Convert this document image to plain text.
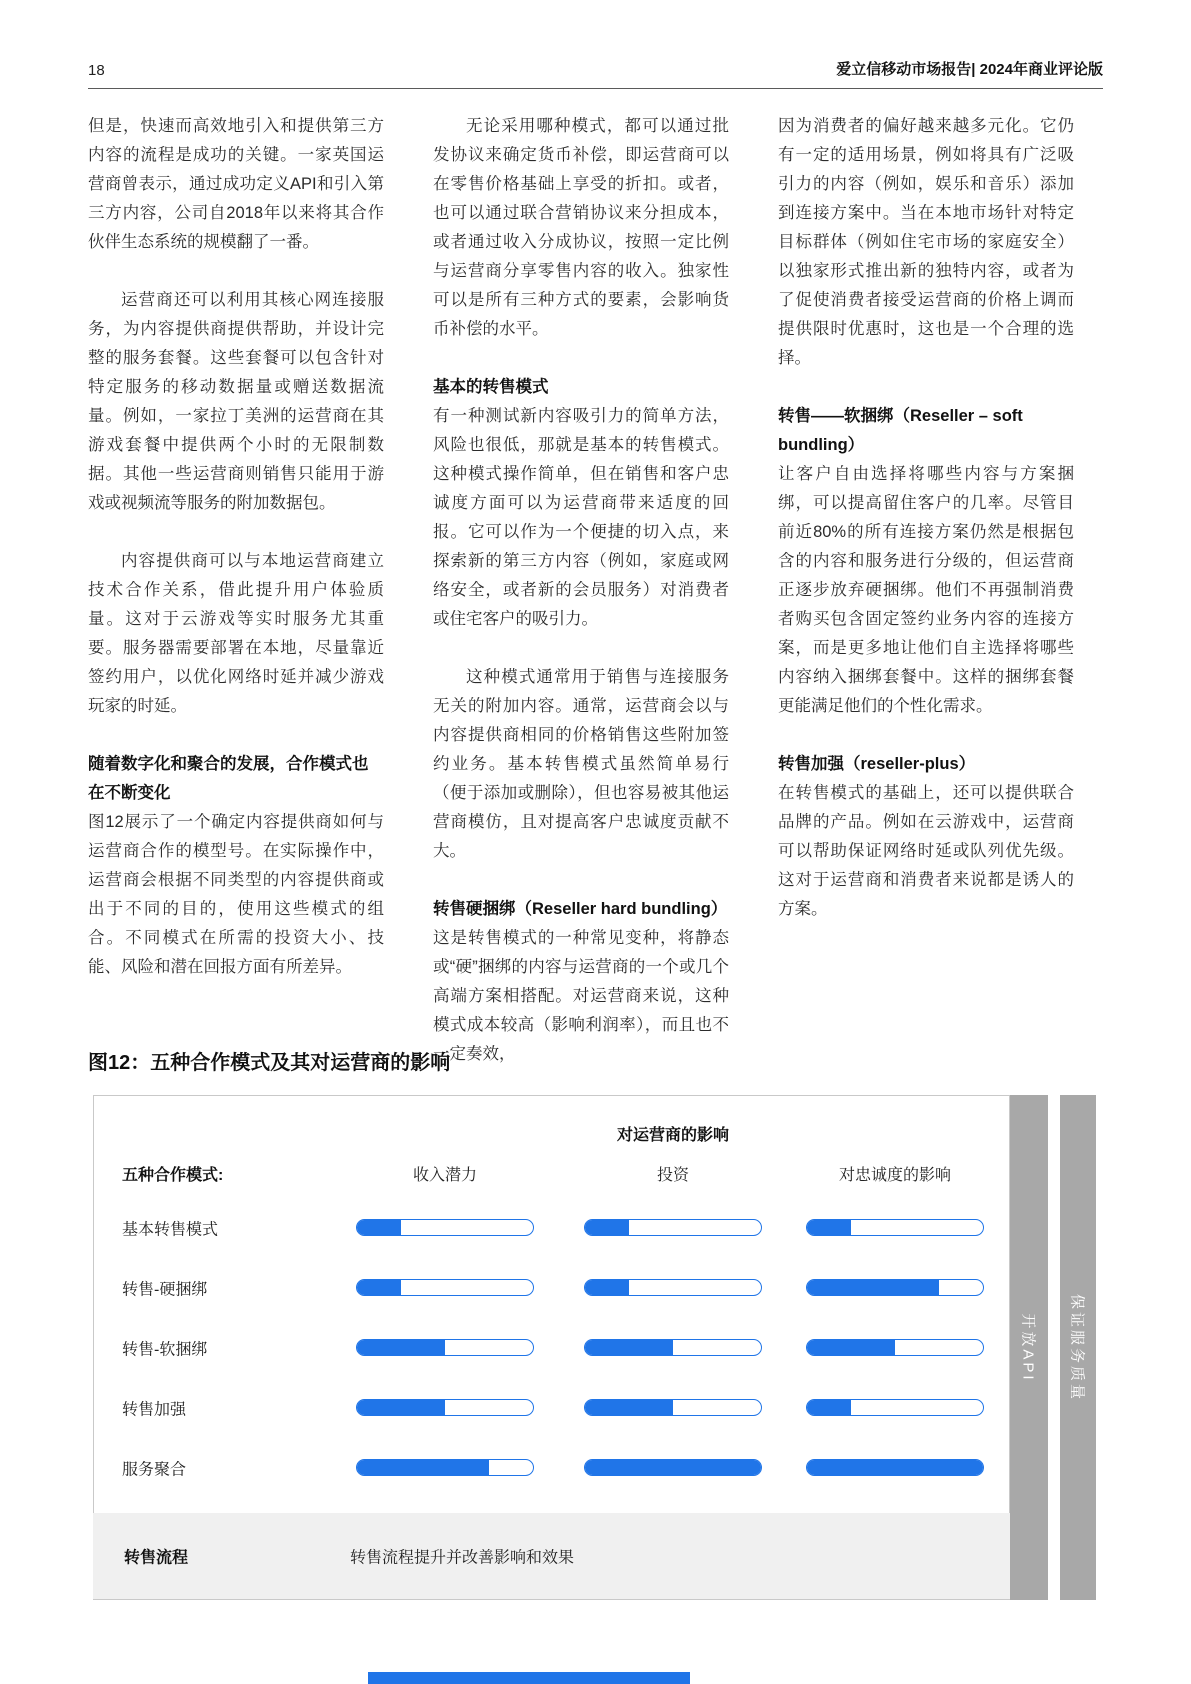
18	爱立信移动市场报告| 2024年商业评论版

但是，快速而高效地引入和提供第三方内容的流程是成功的关键。一家英国运营商曾表示，通过成功定义API和引入第三方内容，公司自2018年以来将其合作伙伴生态系统的规模翻了一番。

运营商还可以利用其核心网连接服务，为内容提供商提供帮助，并设计完整的服务套餐。这些套餐可以包含针对特定服务的移动数据量或赠送数据流量。例如，一家拉丁美洲的运营商在其游戏套餐中提供两个小时的无限制数据。其他一些运营商则销售只能用于游戏或视频流等服务的附加数据包。

内容提供商可以与本地运营商建立技术合作关系，借此提升用户体验质量。这对于云游戏等实时服务尤其重要。服务器需要部署在本地，尽量靠近签约用户，以优化网络时延并减少游戏玩家的时延。

随着数字化和聚合的发展，合作模式也在不断变化

图12展示了一个确定内容提供商如何与运营商合作的模型号。在实际操作中，运营商会根据不同类型的内容提供商或出于不同的目的，使用这些模式的组合。不同模式在所需的投资大小、技能、风险和潜在回报方面有所差异。

无论采用哪种模式，都可以通过批发协议来确定货币补偿，即运营商可以在零售价格基础上享受的折扣。或者，也可以通过联合营销协议来分担成本，或者通过收入分成协议，按照一定比例与运营商分享零售内容的收入。独家性可以是所有三种方式的要素，会影响货币补偿的水平。

基本的转售模式

有一种测试新内容吸引力的简单方法，风险也很低，那就是基本的转售模式。这种模式操作简单，但在销售和客户忠诚度方面可以为运营商带来适度的回报。它可以作为一个便捷的切入点，来探索新的第三方内容（例如，家庭或网络安全，或者新的会员服务）对消费者或住宅客户的吸引力。

这种模式通常用于销售与连接服务无关的附加内容。通常，运营商会以与内容提供商相同的价格销售这些附加签约业务。基本转售模式虽然简单易行（便于添加或删除），但也容易被其他运营商模仿，且对提高客户忠诚度贡献不大。

转售硬捆绑（Reseller hard bundling）

这是转售模式的一种常见变种，将静态或“硬”捆绑的内容与运营商的一个或几个高端方案相搭配。对运营商来说，这种模式成本较高（影响利润率），而且也不一定奏效，

因为消费者的偏好越来越多元化。它仍有一定的适用场景，例如将具有广泛吸引力的内容（例如，娱乐和音乐）添加到连接方案中。当在本地市场针对特定目标群体（例如住宅市场的家庭安全）以独家形式推出新的独特内容，或者为了促使消费者接受运营商的价格上调而提供限时优惠时，这也是一个合理的选择。

转售——软捆绑（Reseller – soft bundling）

让客户自由选择将哪些内容与方案捆绑，可以提高留住客户的几率。尽管目前近80%的所有连接方案仍然是根据包含的内容和服务进行分级的，但运营商正逐步放弃硬捆绑。他们不再强制消费者购买包含固定签约业务内容的连接方案，而是更多地让他们自主选择将哪些内容纳入捆绑套餐中。这样的捆绑套餐更能满足他们的个性化需求。

转售加强（reseller-plus）

在转售模式的基础上，还可以提供联合品牌的产品。例如在云游戏中，运营商可以帮助保证网络时延或队列优先级。这对于运营商和消费者来说都是诱人的方案。

图12：五种合作模式及其对运营商的影响
对运营商的影响
五种合作模式:	收入潜力	投资	对忠诚度的影响
基本转售模式
转售-硬捆绑
转售-软捆绑
转售加强
服务聚合
转售流程	转售流程提升并改善影响和效果
开放API 保证服务质量
